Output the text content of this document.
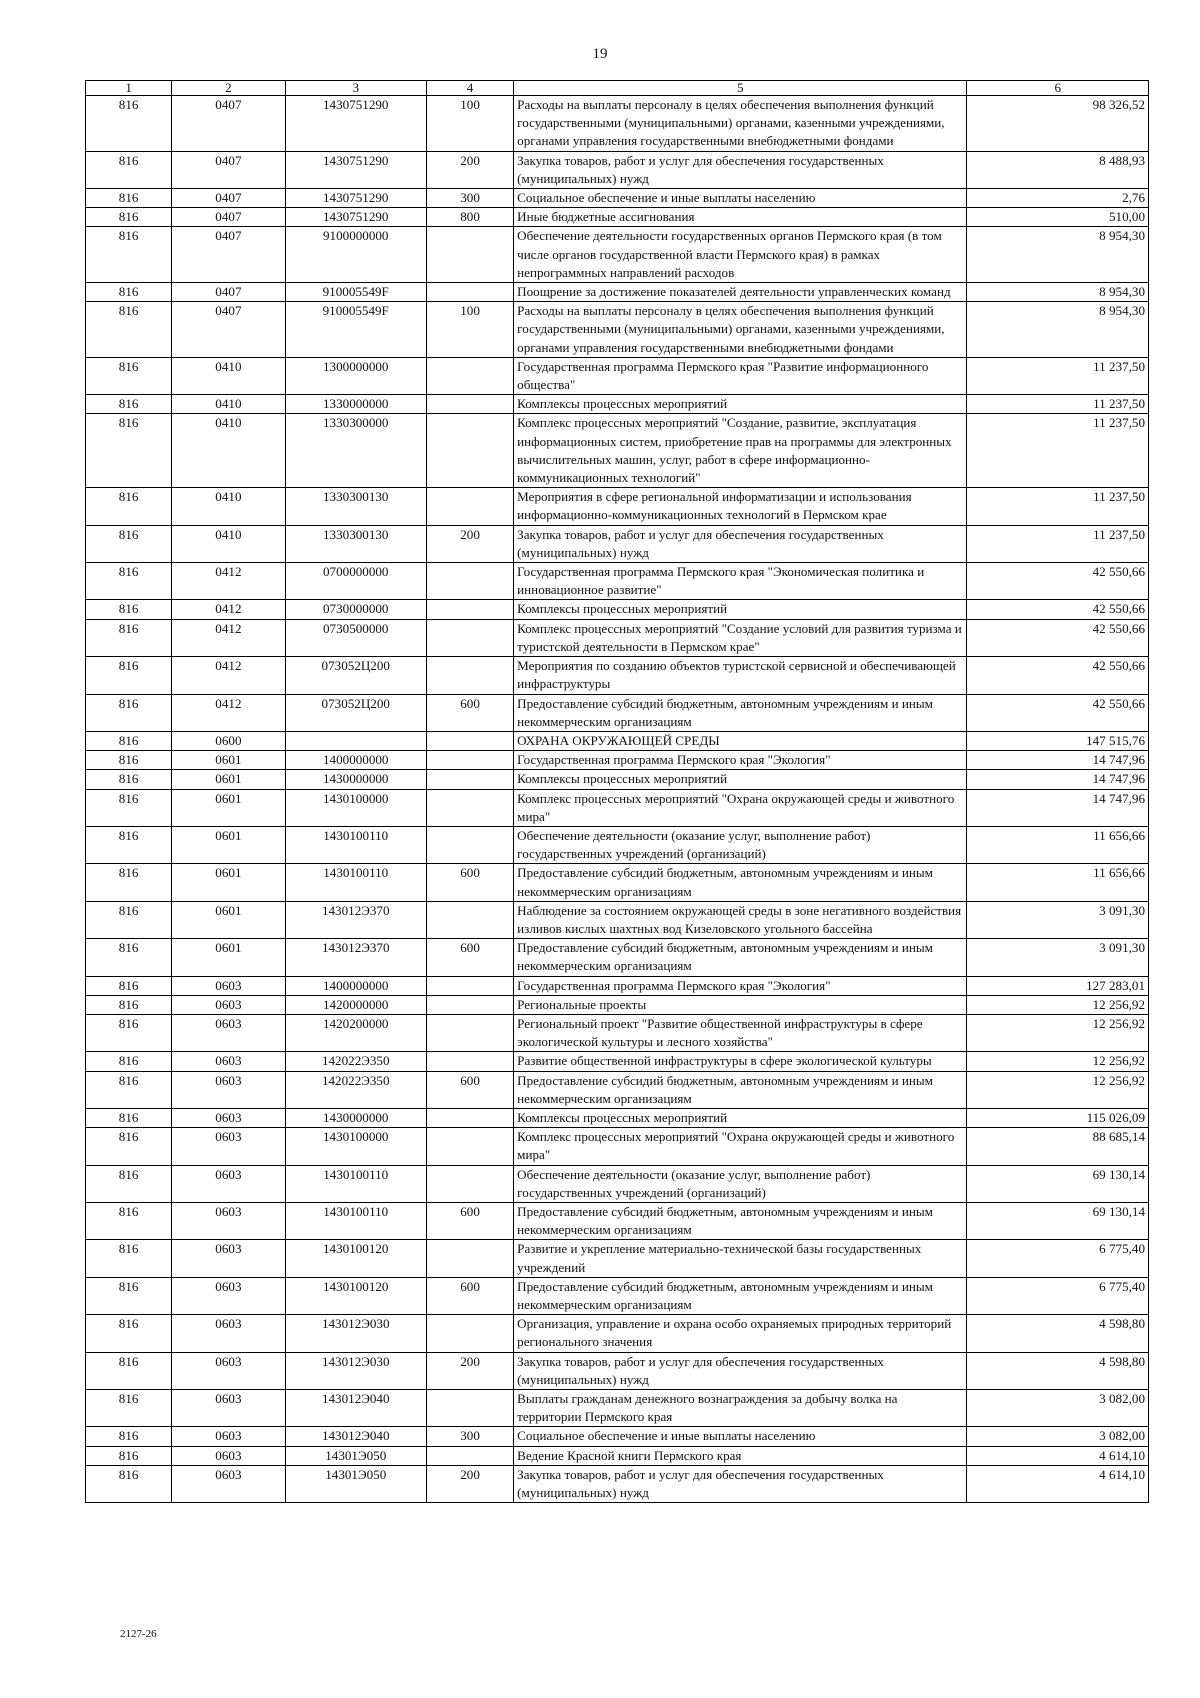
19
1	2	3	4	5	6
816	0407	1430751290	100	Расходы на выплаты персоналу в целях обеспечения выполнения функций государственными (муниципальными) органами, казенными учреждениями, органами управления государственными внебюджетными фондами	98 326,52
816	0407	1430751290	200	Закупка товаров, работ и услуг для обеспечения государственных (муниципальных) нужд	8 488,93
816	0407	1430751290	300	Социальное обеспечение и иные выплаты населению	2,76
816	0407	1430751290	800	Иные бюджетные ассигнования	510,00
816	0407	9100000000		Обеспечение деятельности государственных органов Пермского края (в том числе органов государственной власти Пермского края) в рамках непрограммных направлений расходов	8 954,30
816	0407	910005549F		Поощрение за достижение показателей деятельности управленческих команд	8 954,30
816	0407	910005549F	100	Расходы на выплаты персоналу в целях обеспечения выполнения функций государственными (муниципальными) органами, казенными учреждениями, органами управления государственными внебюджетными фондами	8 954,30
816	0410	1300000000		Государственная программа Пермского края "Развитие информационного общества"	11 237,50
816	0410	1330000000		Комплексы процессных мероприятий	11 237,50
816	0410	1330300000		Комплекс процессных мероприятий "Создание, развитие, эксплуатация информационных систем, приобретение прав на программы для электронных вычислительных машин, услуг, работ в сфере информационно-коммуникационных технологий"	11 237,50
816	0410	1330300130		Мероприятия в сфере региональной информатизации и использования информационно-коммуникационных технологий в Пермском крае	11 237,50
816	0410	1330300130	200	Закупка товаров, работ и услуг для обеспечения государственных (муниципальных) нужд	11 237,50
816	0412	0700000000		Государственная программа Пермского края "Экономическая политика и инновационное развитие"	42 550,66
816	0412	0730000000		Комплексы процессных мероприятий	42 550,66
816	0412	0730500000		Комплекс процессных мероприятий "Создание условий для развития туризма и туристской деятельности в Пермском крае"	42 550,66
816	0412	073052Ц200		Мероприятия по созданию объектов туристской сервисной и обеспечивающей инфраструктуры	42 550,66
816	0412	073052Ц200	600	Предоставление субсидий бюджетным, автономным учреждениям и иным некоммерческим организациям	42 550,66
816	0600			ОХРАНА ОКРУЖАЮЩЕЙ СРЕДЫ	147 515,76
816	0601	1400000000		Государственная программа Пермского края "Экология"	14 747,96
816	0601	1430000000		Комплексы процессных мероприятий	14 747,96
816	0601	1430100000		Комплекс процессных мероприятий "Охрана окружающей среды и животного мира"	14 747,96
816	0601	1430100110		Обеспечение деятельности (оказание услуг, выполнение работ) государственных учреждений (организаций)	11 656,66
816	0601	1430100110	600	Предоставление субсидий бюджетным, автономным учреждениям и иным некоммерческим организациям	11 656,66
816	0601	143012Э370		Наблюдение за состоянием окружающей среды в зоне негативного воздействия изливов кислых шахтных вод Кизеловского угольного бассейна	3 091,30
816	0601	143012Э370	600	Предоставление субсидий бюджетным, автономным учреждениям и иным некоммерческим организациям	3 091,30
816	0603	1400000000		Государственная программа Пермского края "Экология"	127 283,01
816	0603	1420000000		Региональные проекты	12 256,92
816	0603	1420200000		Региональный проект "Развитие общественной инфраструктуры в сфере экологической культуры и лесного хозяйства"	12 256,92
816	0603	142022Э350		Развитие общественной инфраструктуры в сфере экологической культуры	12 256,92
816	0603	142022Э350	600	Предоставление субсидий бюджетным, автономным учреждениям и иным некоммерческим организациям	12 256,92
816	0603	1430000000		Комплексы процессных мероприятий	115 026,09
816	0603	1430100000		Комплекс процессных мероприятий "Охрана окружающей среды и животного мира"	88 685,14
816	0603	1430100110		Обеспечение деятельности (оказание услуг, выполнение работ) государственных учреждений (организаций)	69 130,14
816	0603	1430100110	600	Предоставление субсидий бюджетным, автономным учреждениям и иным некоммерческим организациям	69 130,14
816	0603	1430100120		Развитие и укрепление материально-технической базы государственных учреждений	6 775,40
816	0603	1430100120	600	Предоставление субсидий бюджетным, автономным учреждениям и иным некоммерческим организациям	6 775,40
816	0603	143012Э030		Организация, управление и охрана особо охраняемых природных территорий регионального значения	4 598,80
816	0603	143012Э030	200	Закупка товаров, работ и услуг для обеспечения государственных (муниципальных) нужд	4 598,80
816	0603	143012Э040		Выплаты гражданам денежного вознаграждения за добычу волка на территории Пермского края	3 082,00
816	0603	143012Э040	300	Социальное обеспечение и иные выплаты населению	3 082,00
816	0603	14301Э050		Ведение Красной книги Пермского края	4 614,10
816	0603	14301Э050	200	Закупка товаров, работ и услуг для обеспечения государственных (муниципальных) нужд	4 614,10
2127-26
